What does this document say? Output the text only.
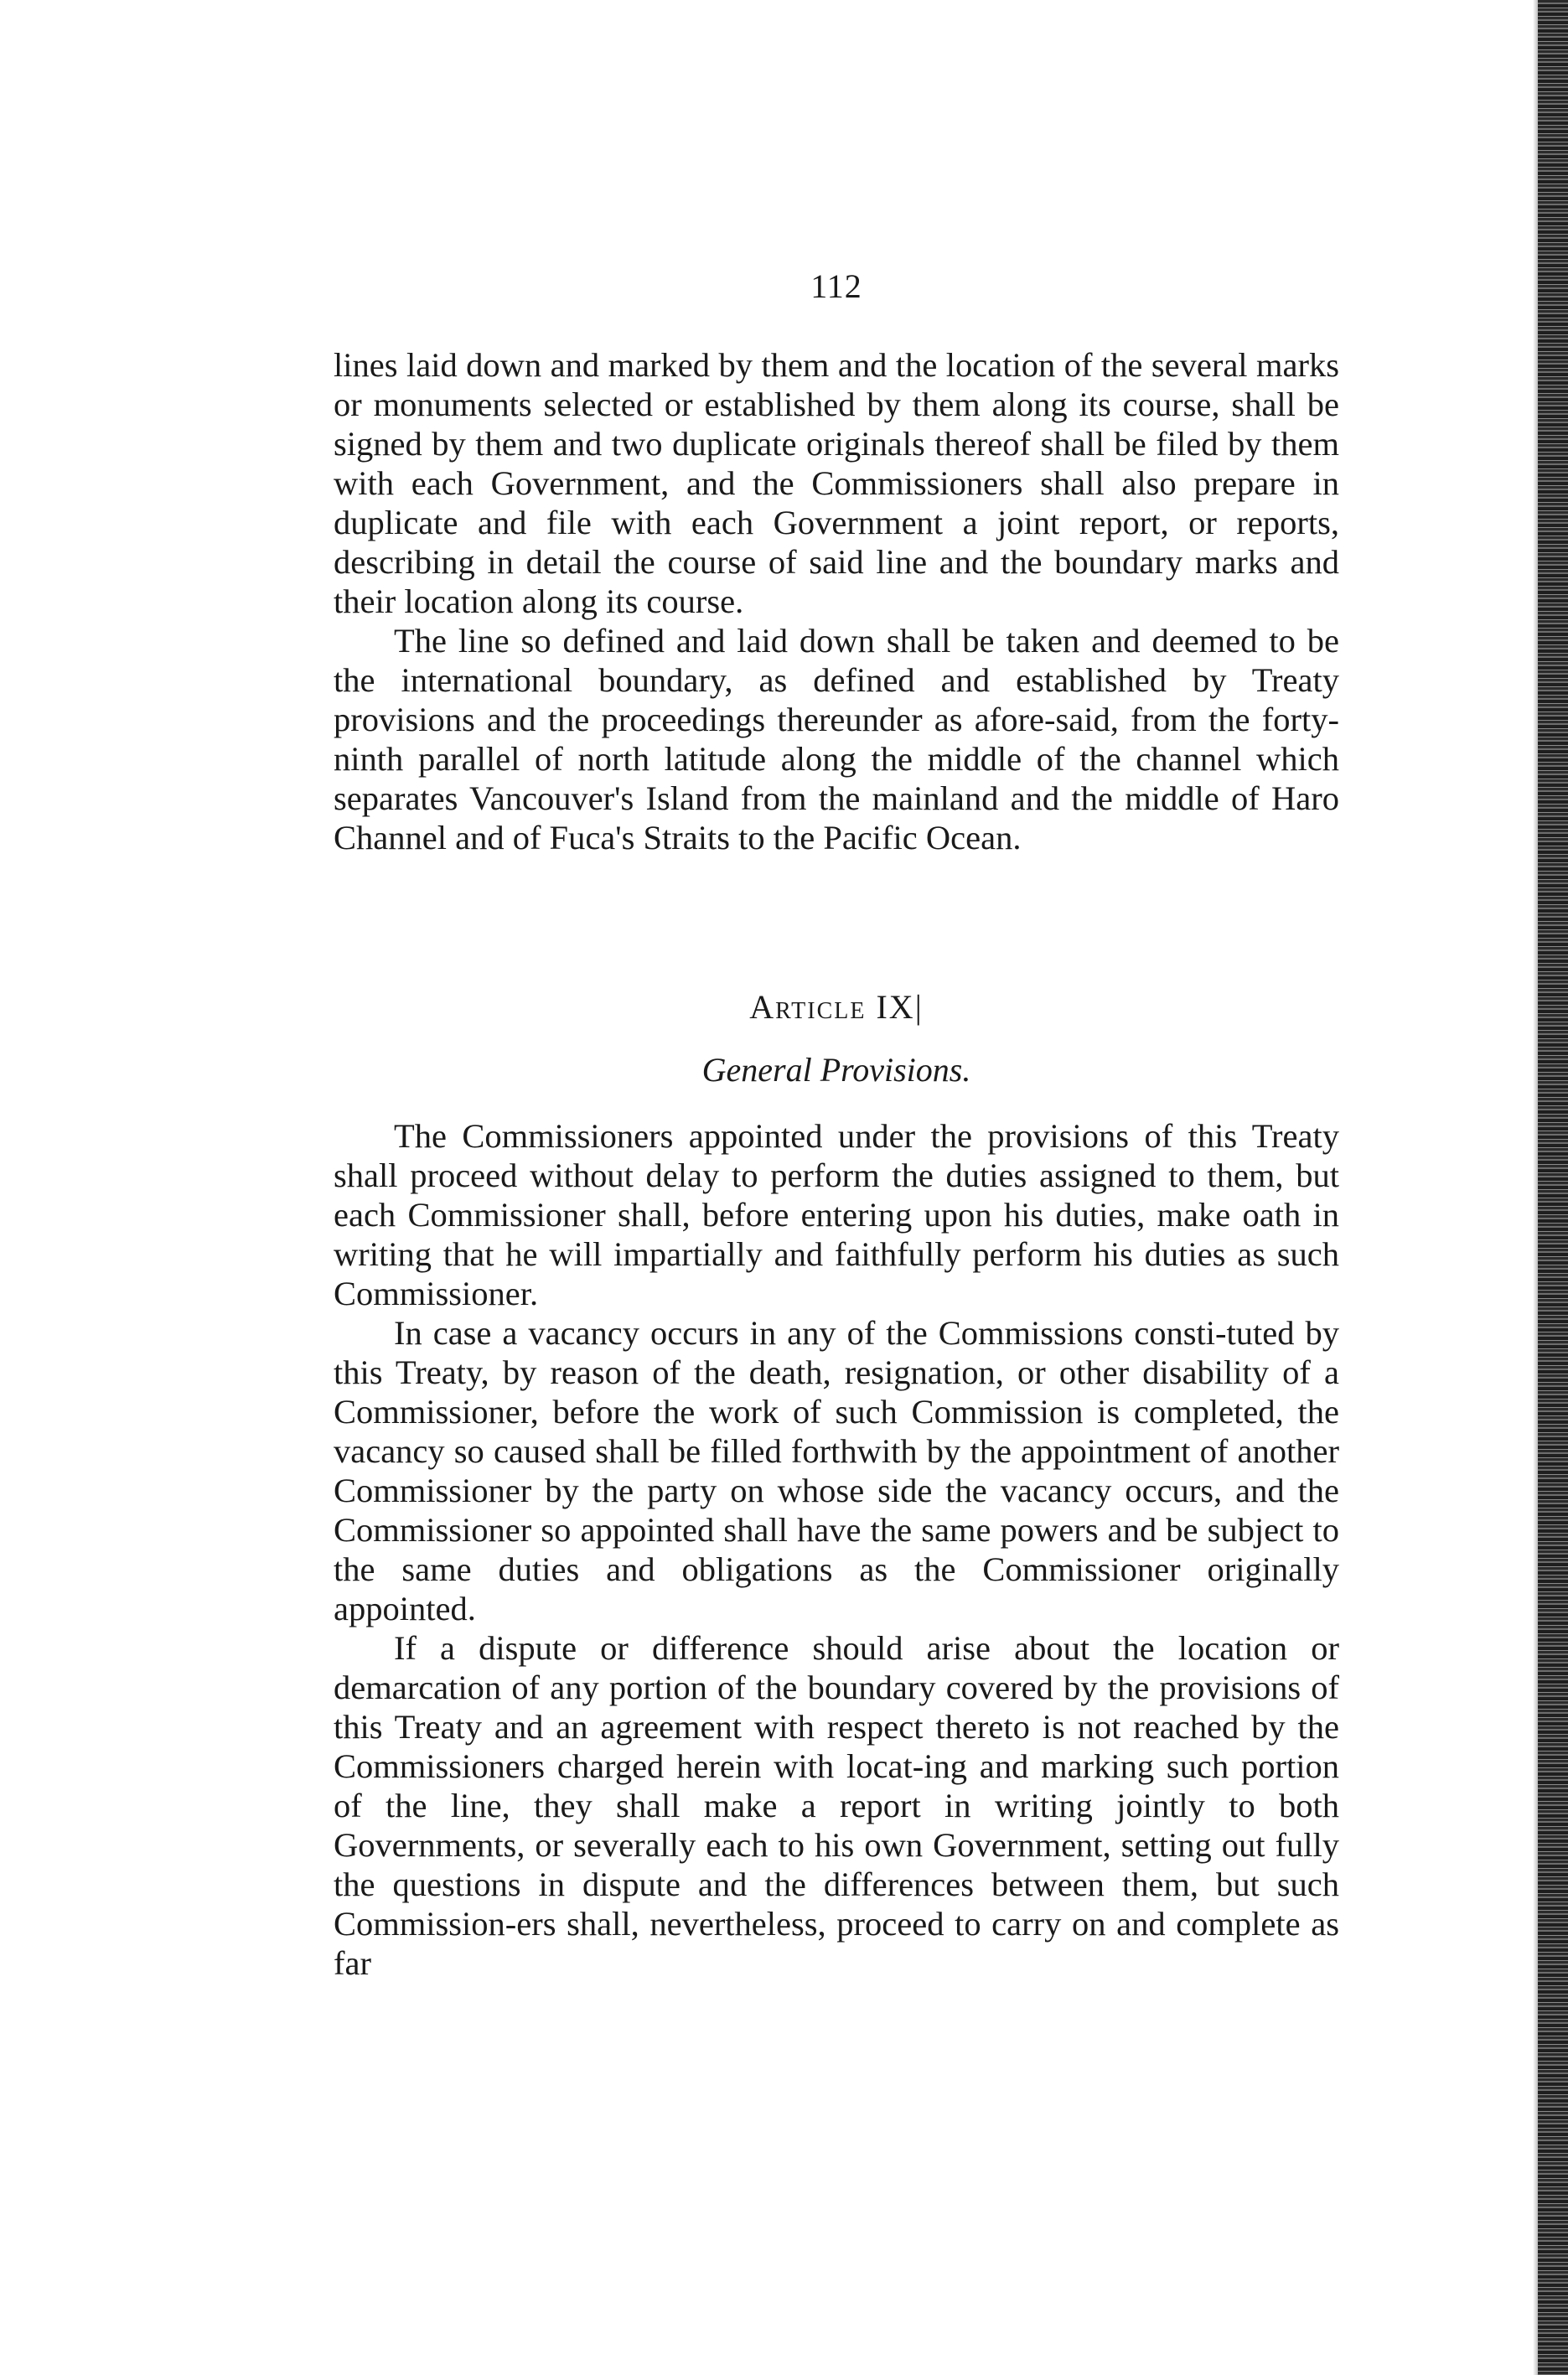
112

lines laid down and marked by them and the location of the several marks or monuments selected or established by them along its course, shall be signed by them and two duplicate originals thereof shall be filed by them with each Government, and the Commissioners shall also prepare in duplicate and file with each Government a joint report, or reports, describing in detail the course of said line and the boundary marks and their location along its course.

The line so defined and laid down shall be taken and deemed to be the international boundary, as defined and established by Treaty provisions and the proceedings thereunder as afore-said, from the forty-ninth parallel of north latitude along the middle of the channel which separates Vancouver's Island from the mainland and the middle of Haro Channel and of Fuca's Straits to the Pacific Ocean.

Article IX|
General Provisions.

The Commissioners appointed under the provisions of this Treaty shall proceed without delay to perform the duties assigned to them, but each Commissioner shall, before entering upon his duties, make oath in writing that he will impartially and faithfully perform his duties as such Commissioner.

In case a vacancy occurs in any of the Commissions consti-tuted by this Treaty, by reason of the death, resignation, or other disability of a Commissioner, before the work of such Commission is completed, the vacancy so caused shall be filled forthwith by the appointment of another Commissioner by the party on whose side the vacancy occurs, and the Commissioner so appointed shall have the same powers and be subject to the same duties and obligations as the Commissioner originally appointed.

If a dispute or difference should arise about the location or demarcation of any portion of the boundary covered by the provisions of this Treaty and an agreement with respect thereto is not reached by the Commissioners charged herein with locat-ing and marking such portion of the line, they shall make a report in writing jointly to both Governments, or severally each to his own Government, setting out fully the questions in dispute and the differences between them, but such Commission-ers shall, nevertheless, proceed to carry on and complete as far
